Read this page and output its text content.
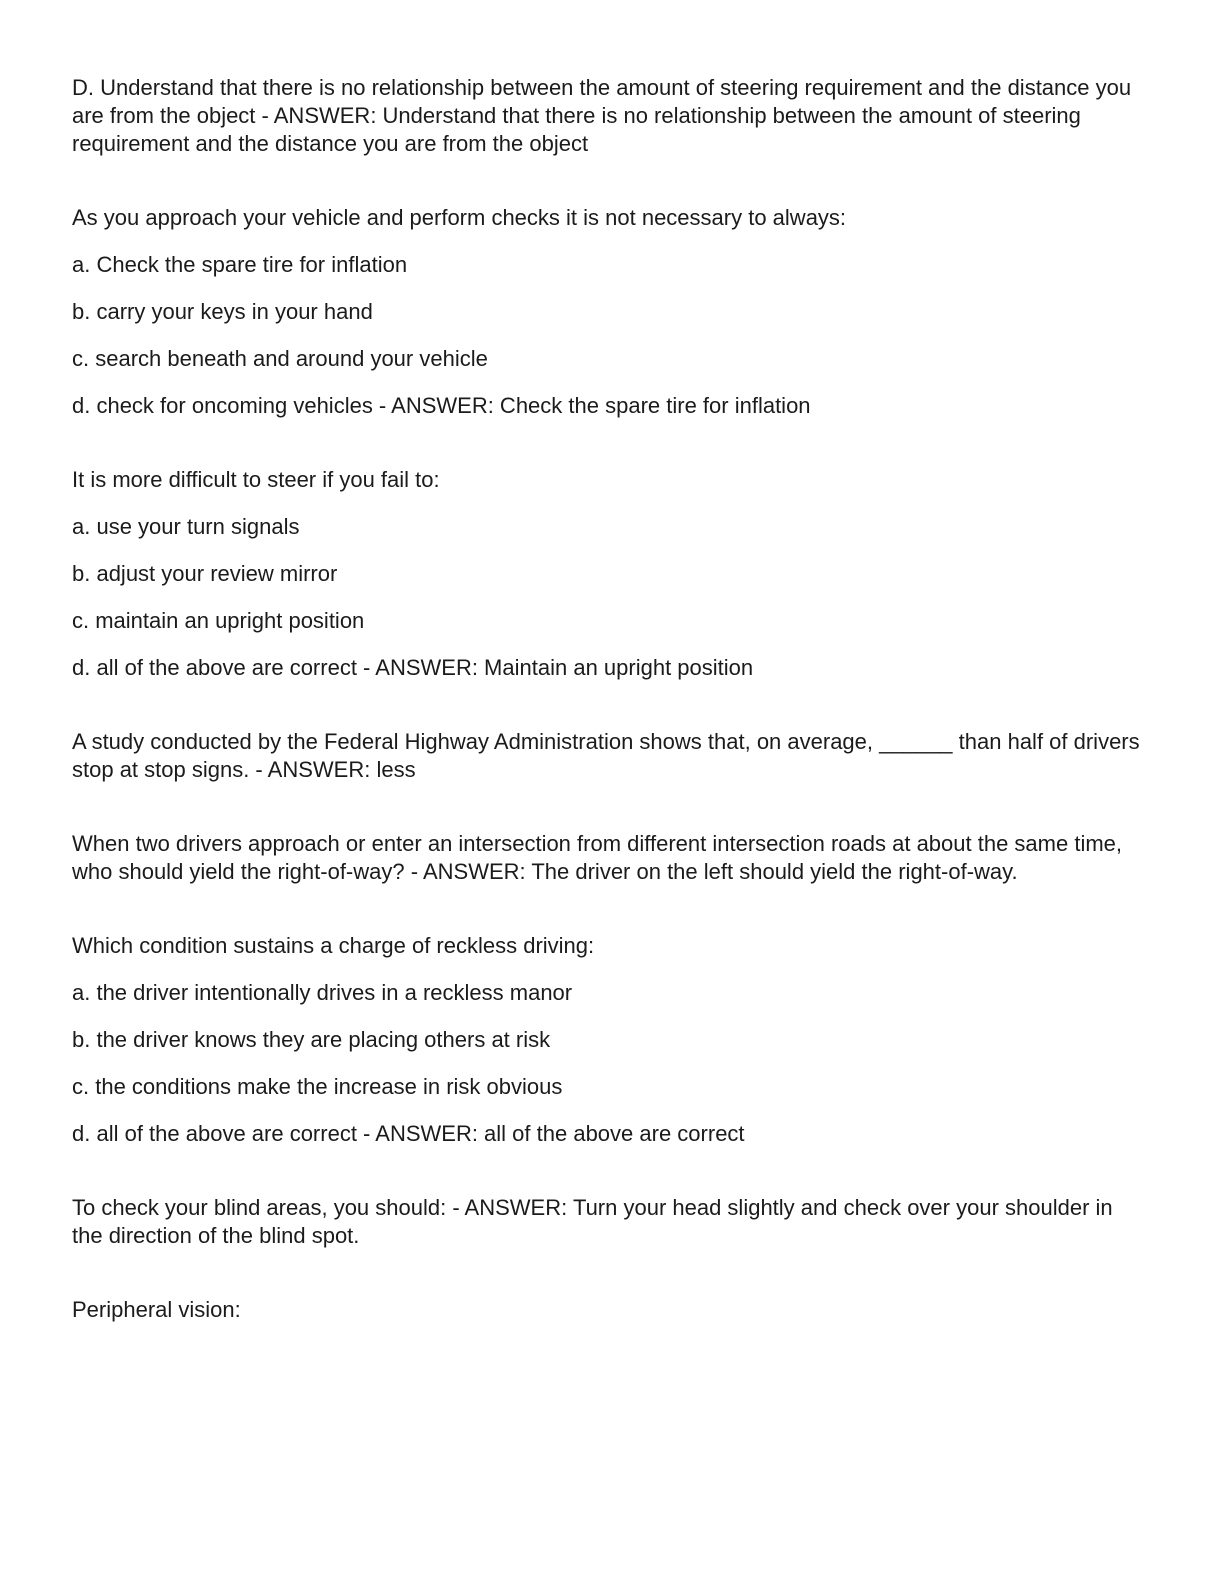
D. Understand that there is no relationship between the amount of steering requirement and the distance you are from the object - ANSWER: Understand that there is no relationship between the amount of steering requirement and the distance you are from the object

As you approach your vehicle and perform checks it is not necessary to always:

a. Check the spare tire for inflation

b. carry your keys in your hand

c. search beneath and around your vehicle

d. check for oncoming vehicles - ANSWER: Check the spare tire for inflation

It is more difficult to steer if you fail to:

a. use your turn signals

b. adjust your review mirror

c. maintain an upright position

d. all of the above are correct - ANSWER: Maintain an upright position

A study conducted by the Federal Highway Administration shows that, on average, ______ than half of drivers stop at stop signs. - ANSWER: less

When two drivers approach or enter an intersection from different intersection roads at about the same time, who should yield the right-of-way? - ANSWER: The driver on the left should yield the right-of-way.

Which condition sustains a charge of reckless driving:

a. the driver intentionally drives in a reckless manor

b. the driver knows they are placing others at risk

c. the conditions make the increase in risk obvious

d. all of the above are correct - ANSWER: all of the above are correct

To check your blind areas, you should: - ANSWER: Turn your head slightly and check over your shoulder in the direction of the blind spot.

Peripheral vision:
